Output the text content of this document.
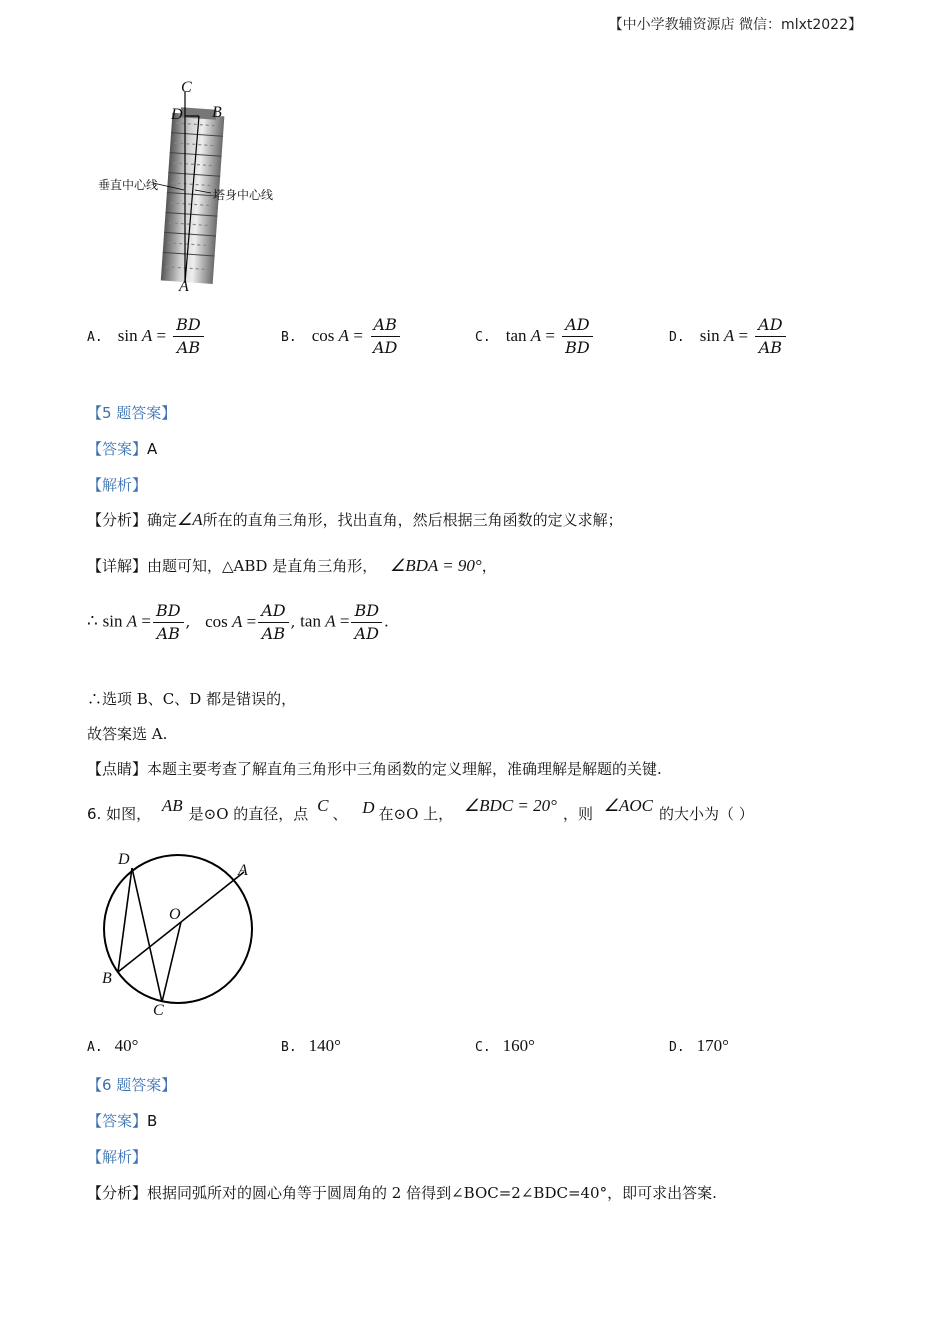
【中小学教辅资源店 微信：mlxt2022】
C
D B
A
垂直中心线
塔身中心线
A. $\sin A = \frac{BD}{AB}$	B. $\cos A = \frac{AB}{AD}$	C. $\tan A = \frac{AD}{BD}$	D. $\sin A = \frac{AD}{AB}$
【5 题答案】
【答案】A
【解析】
【分析】确定∠A所在的直角三角形，找出直角，然后根据三角函数的定义求解；
【详解】由题可知，△ABD 是直角三角形， ∠BDA = 90°，
∴ $\sin A = \frac{BD}{AB}$ , $\cos A = \frac{AD}{AB}$ , $\tan A = \frac{BD}{AD}$ .
∴选项 B、C、D 都是错误的，
故答案选 A.
【点睛】本题主要考查了解直角三角形中三角函数的定义理解，准确理解是解题的关键.
6. 如图， AB 是⊙O 的直径，点 C 、 D 在⊙O 上， ∠BDC = 20° ，则 ∠AOC 的大小为（ ）
D
A
O
B
C
A. 40°	B. 140°	C. 160°	D. 170°
【6 题答案】
【答案】B
【解析】
【分析】根据同弧所对的圆心角等于圆周角的 2 倍得到∠BOC=2∠BDC=40°，即可求出答案.
